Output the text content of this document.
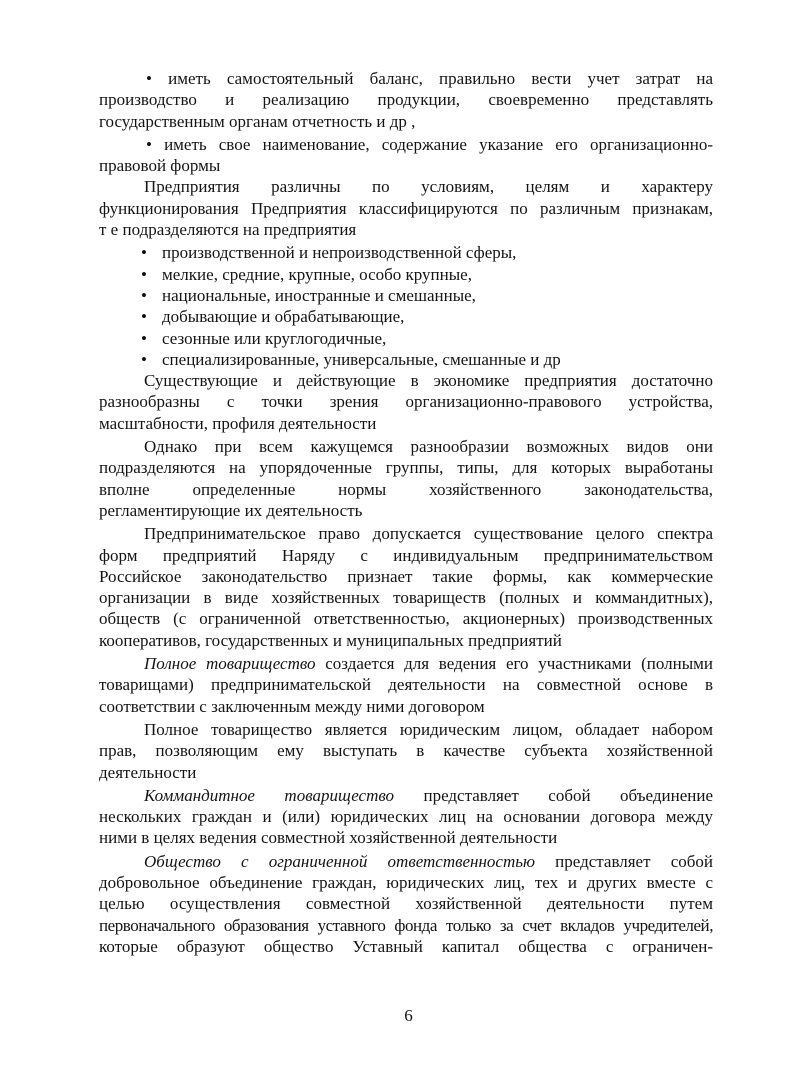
• иметь самостоятельный баланс, правильно вести учет затрат на
производство и реализацию продукции, своевременно представлять
государственным органам отчетность и др ,
• иметь свое наименование, содержание указание его организационно-
правовой формы
Предприятия различны по условиям, целям и характеру
функционирования Предприятия классифицируются по различным признакам,
т е подразделяются на предприятия
• производственной и непроизводственной сферы,
• мелкие, средние, крупные, особо крупные,
• национальные, иностранные и смешанные,
• добывающие и обрабатывающие,
• сезонные или круглогодичные,
• специализированные, универсальные, смешанные и др
Существующие и действующие в экономике предприятия достаточно
разнообразны с точки зрения организационно-правового устройства,
масштабности, профиля деятельности
Однако при всем кажущемся разнообразии возможных видов они
подразделяются на упорядоченные группы, типы, для которых выработаны
вполне определенные нормы хозяйственного законодательства,
регламентирующие их деятельность
Предпринимательское право допускается существование целого спектра
форм предприятий Наряду с индивидуальным предпринимательством
Российское законодательство признает такие формы, как коммерческие
организации в виде хозяйственных товариществ (полных и коммандитных),
обществ (с ограниченной ответственностью, акционерных) производственных
кооперативов, государственных и муниципальных предприятий
Полное товарищество создается для ведения его участниками (полными
товарищами) предпринимательской деятельности на совместной основе в
соответствии с заключенным между ними договором
Полное товарищество является юридическим лицом, обладает набором
прав, позволяющим ему выступать в качестве субъекта хозяйственной
деятельности
Коммандитное товарищество представляет собой объединение
нескольких граждан и (или) юридических лиц на основании договора между
ними в целях ведения совместной хозяйственной деятельности
Общество с ограниченной ответственностью представляет собой
добровольное объединение граждан, юридических лиц, тех и других вместе с
целью осуществления совместной хозяйственной деятельности путем
первоначального образования уставного фонда только за счет вкладов учредителей,
которые образуют общество Уставный капитал общества с ограничен-
6
